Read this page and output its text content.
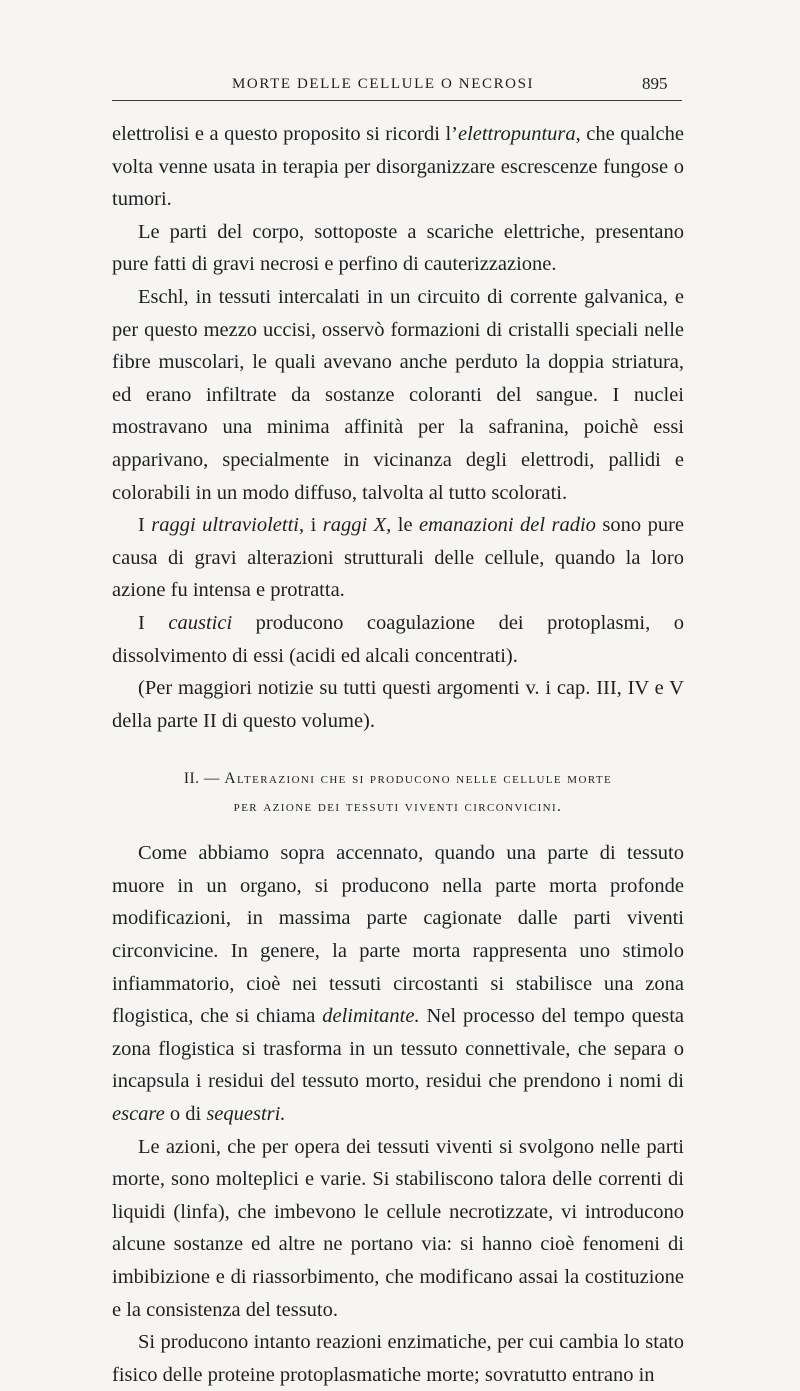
MORTE DELLE CELLULE O NECROSI	895

elettrolisi e a questo proposito si ricordi l’elettropuntura, che qualche volta venne usata in terapia per disorganizzare escrescenze fungose o tumori.

Le parti del corpo, sottoposte a scariche elettriche, presentano pure fatti di gravi necrosi e perfino di cauterizzazione.

Eschl, in tessuti intercalati in un circuito di corrente galvanica, e per questo mezzo uccisi, osservò formazioni di cristalli speciali nelle fibre muscolari, le quali avevano anche perduto la doppia striatura, ed erano infiltrate da sostanze coloranti del sangue. I nuclei mostravano una minima affinità per la safranina, poichè essi apparivano, specialmente in vicinanza degli elettrodi, pallidi e colorabili in un modo diffuso, talvolta al tutto scolorati.

I raggi ultravioletti, i raggi X, le emanazioni del radio sono pure causa di gravi alterazioni strutturali delle cellule, quando la loro azione fu intensa e protratta.

I caustici producono coagulazione dei protoplasmi, o dissolvimento di essi (acidi ed alcali concentrati).

(Per maggiori notizie su tutti questi argomenti v. i cap. III, IV e V della parte II di questo volume).

II. — Alterazioni che si producono nelle cellule morte
per azione dei tessuti viventi circonvicini.

Come abbiamo sopra accennato, quando una parte di tessuto muore in un organo, si producono nella parte morta profonde modificazioni, in massima parte cagionate dalle parti viventi circonvicine. In genere, la parte morta rappresenta uno stimolo infiammatorio, cioè nei tessuti circostanti si stabilisce una zona flogistica, che si chiama delimitante. Nel processo del tempo questa zona flogistica si trasforma in un tessuto connettivale, che separa o incapsula i residui del tessuto morto, residui che prendono i nomi di escare o di sequestri.

Le azioni, che per opera dei tessuti viventi si svolgono nelle parti morte, sono molteplici e varie. Si stabiliscono talora delle correnti di liquidi (linfa), che imbevono le cellule necrotizzate, vi introducono alcune sostanze ed altre ne portano via: si hanno cioè fenomeni di imbibizione e di riassorbimento, che modificano assai la costituzione e la consistenza del tessuto.

Si producono intanto reazioni enzimatiche, per cui cambia lo stato fisico delle proteine protoplasmatiche morte; sovratutto entrano in
